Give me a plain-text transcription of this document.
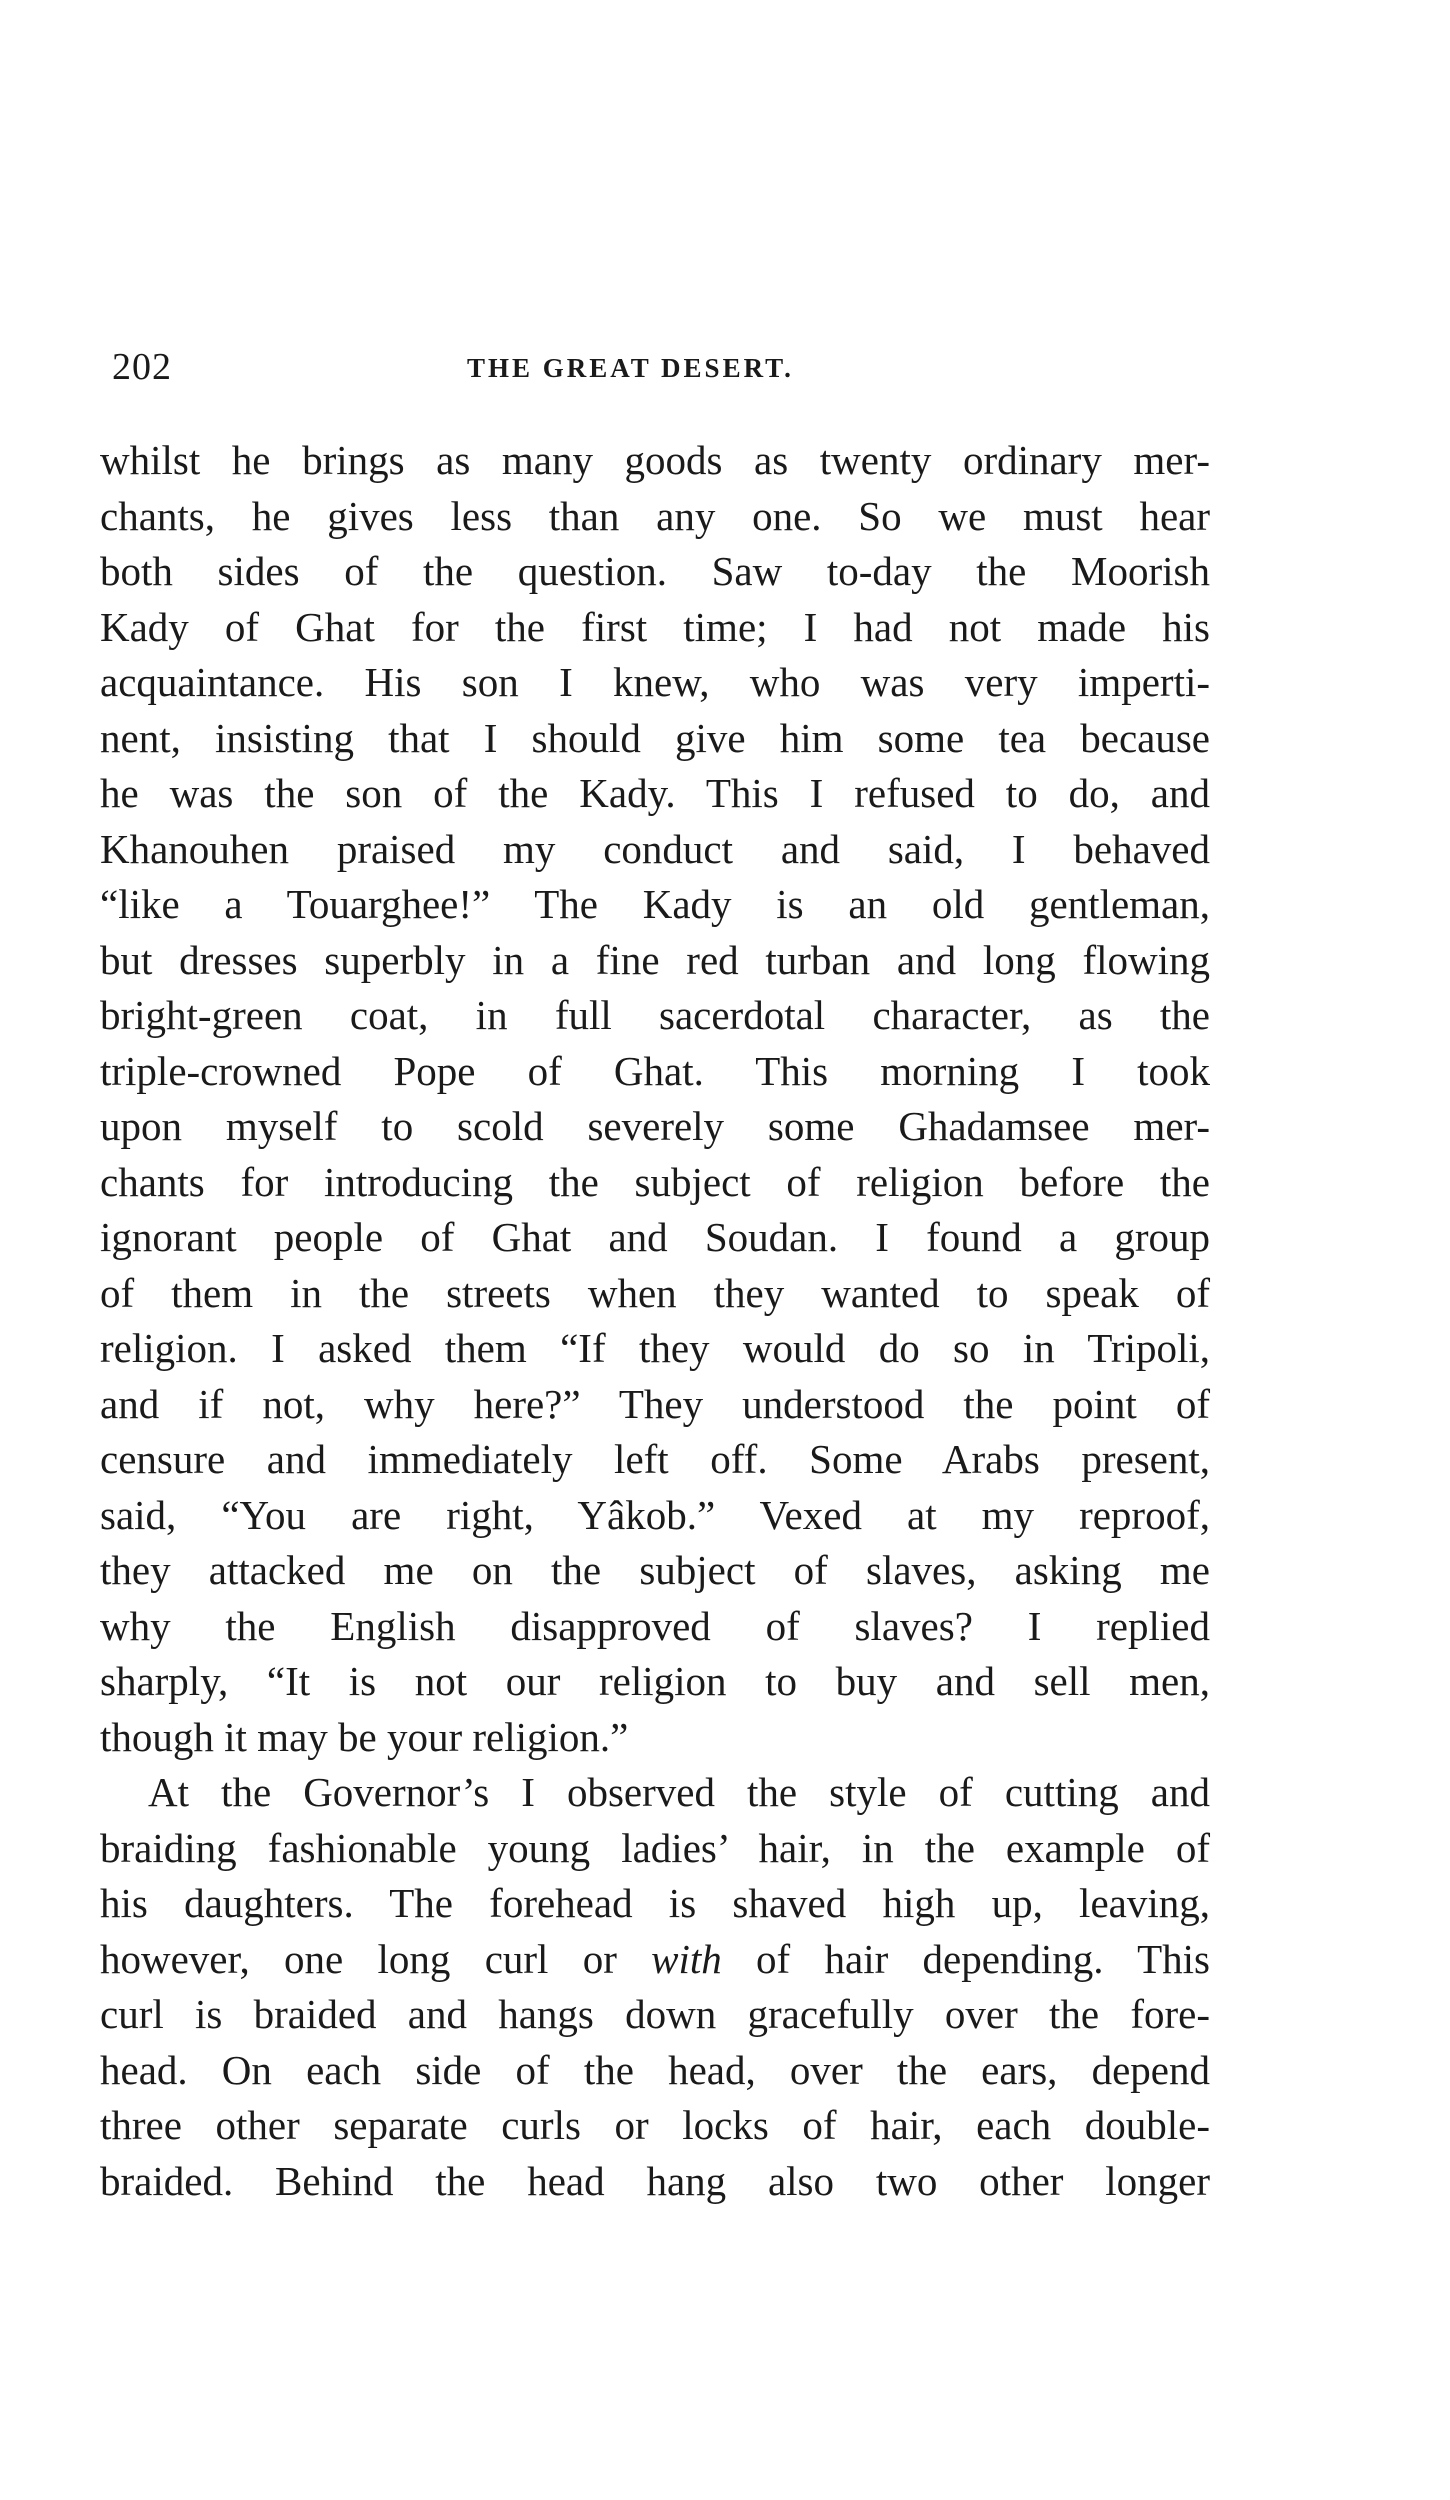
202	THE GREAT DESERT.
whilst he brings as many goods as twenty ordinary mer-
chants, he gives less than any one. So we must hear
both sides of the question. Saw to-day the Moorish
Kady of Ghat for the first time; I had not made his
acquaintance. His son I knew, who was very imperti-
nent, insisting that I should give him some tea because
he was the son of the Kady. This I refused to do, and
Khanouhen praised my conduct and said, I behaved
“like a Touarghee!” The Kady is an old gentleman,
but dresses superbly in a fine red turban and long flowing
bright-green coat, in full sacerdotal character, as the
triple-crowned Pope of Ghat. This morning I took
upon myself to scold severely some Ghadamsee mer-
chants for introducing the subject of religion before the
ignorant people of Ghat and Soudan. I found a group
of them in the streets when they wanted to speak of
religion. I asked them “If they would do so in Tripoli,
and if not, why here?” They understood the point of
censure and immediately left off. Some Arabs present,
said, “You are right, Yâkob.” Vexed at my reproof,
they attacked me on the subject of slaves, asking me
why the English disapproved of slaves? I replied
sharply, “It is not our religion to buy and sell men,
though it may be your religion.”
At the Governor’s I observed the style of cutting and
braiding fashionable young ladies’ hair, in the example of
his daughters. The forehead is shaved high up, leaving,
however, one long curl or with of hair depending. This
curl is braided and hangs down gracefully over the fore-
head. On each side of the head, over the ears, depend
three other separate curls or locks of hair, each double-
braided. Behind the head hang also two other longer
